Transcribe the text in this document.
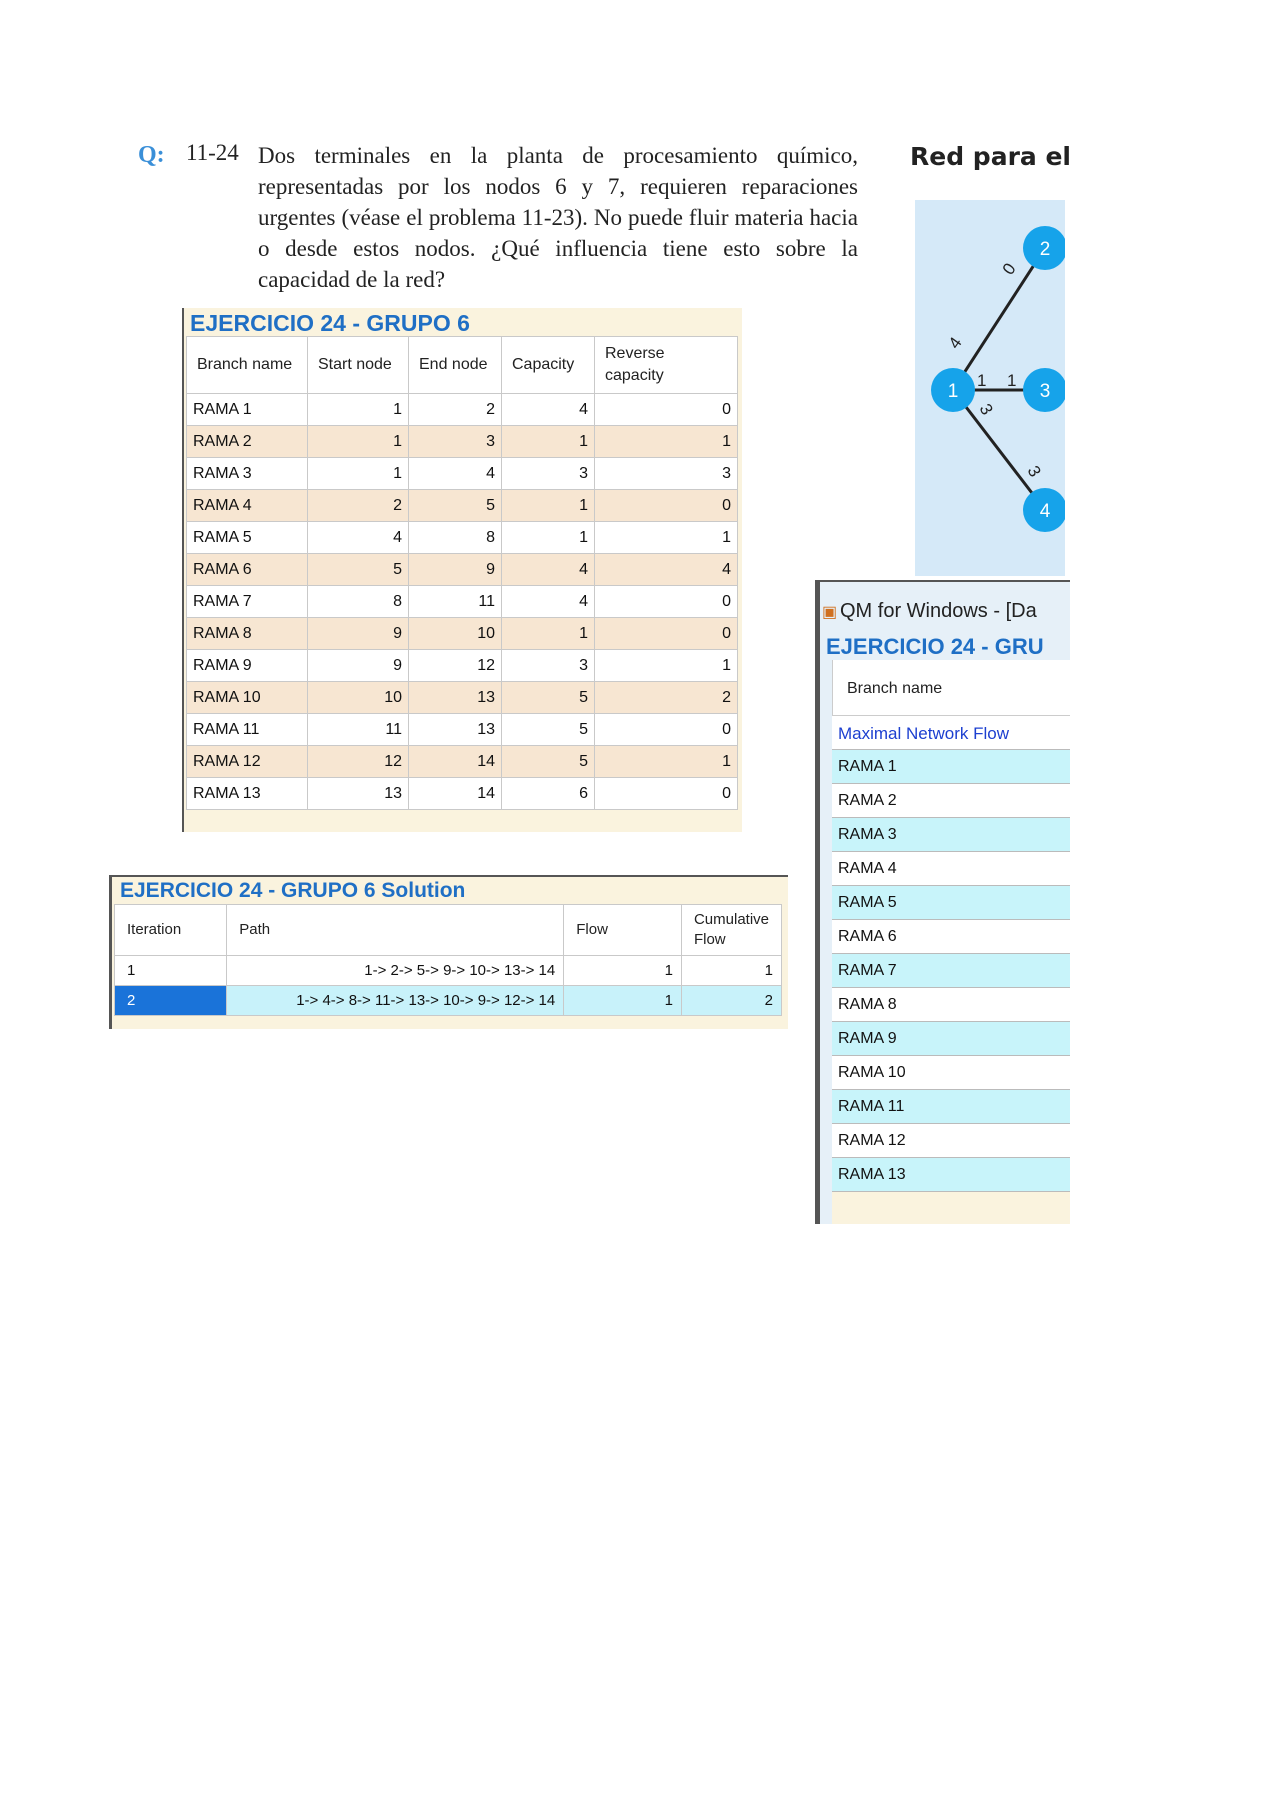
Q: 11-24 Dos terminales en la planta de procesamiento químico, representadas por los nodos 6 y 7, requieren reparaciones urgentes (véase el problema 11-23). No puede fluir materia hacia o desde estos nodos. ¿Qué influencia tiene esto sobre la capacidad de la red?
Red para el
0
4
1 1
3
3
2
1	3
4
EJERCICIO 24 - GRUPO 6
Branch name	Start node	End node	Capacity	Reverse capacity
RAMA 1	1	2	4	0
RAMA 2	1	3	1	1
RAMA 3	1	4	3	3
RAMA 4	2	5	1	0
RAMA 5	4	8	1	1
RAMA 6	5	9	4	4
RAMA 7	8	11	4	0
RAMA 8	9	10	1	0
RAMA 9	9	12	3	1
RAMA 10	10	13	5	2
RAMA 11	11	13	5	0
RAMA 12	12	14	5	1
RAMA 13	13	14	6	0
EJERCICIO 24 - GRUPO 6 Solution
Iteration	Path	Flow	Cumulative Flow
1	1-> 2-> 5-> 9-> 10-> 13-> 14	1	1
2	1-> 4-> 8-> 11-> 13-> 10-> 9-> 12-> 14	1	2
▣ QM for Windows - [Da
EJERCICIO 24 - GRU
Branch name
Maximal Network Flow
RAMA 1
RAMA 2
RAMA 3
RAMA 4
RAMA 5
RAMA 6
RAMA 7
RAMA 8
RAMA 9
RAMA 10
RAMA 11
RAMA 12
RAMA 13
